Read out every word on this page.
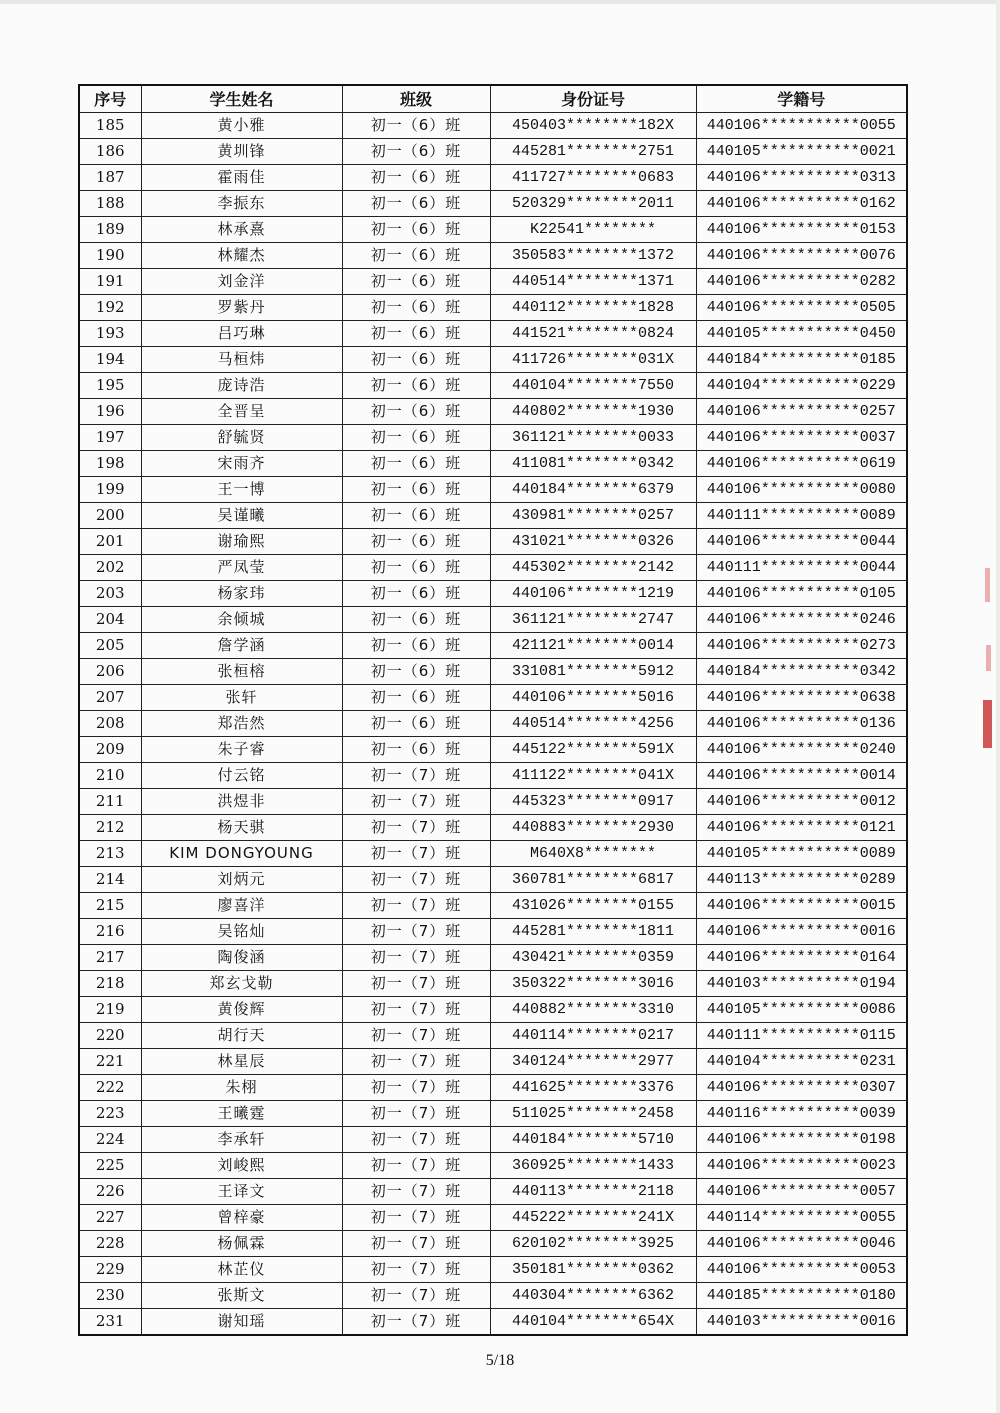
序号	学生姓名	班级	身份证号	学籍号
185	黄小雅	初一（6）班	450403********182X	440106***********0055
186	黄圳锋	初一（6）班	445281********2751	440105***********0021
187	霍雨佳	初一（6）班	411727********0683	440106***********0313
188	李振东	初一（6）班	520329********2011	440106***********0162
189	林承熹	初一（6）班	K22541********	440106***********0153
190	林耀杰	初一（6）班	350583********1372	440106***********0076
191	刘金洋	初一（6）班	440514********1371	440106***********0282
192	罗紫丹	初一（6）班	440112********1828	440106***********0505
193	吕巧琳	初一（6）班	441521********0824	440105***********0450
194	马桓炜	初一（6）班	411726********031X	440184***********0185
195	庞诗浩	初一（6）班	440104********7550	440104***********0229
196	全晋呈	初一（6）班	440802********1930	440106***********0257
197	舒毓贤	初一（6）班	361121********0033	440106***********0037
198	宋雨齐	初一（6）班	411081********0342	440106***********0619
199	王一博	初一（6）班	440184********6379	440106***********0080
200	吴谨曦	初一（6）班	430981********0257	440111***********0089
201	谢瑜熙	初一（6）班	431021********0326	440106***********0044
202	严凤莹	初一（6）班	445302********2142	440111***********0044
203	杨家玮	初一（6）班	440106********1219	440106***********0105
204	余倾城	初一（6）班	361121********2747	440106***********0246
205	詹学涵	初一（6）班	421121********0014	440106***********0273
206	张桓榕	初一（6）班	331081********5912	440184***********0342
207	张轩	初一（6）班	440106********5016	440106***********0638
208	郑浩然	初一（6）班	440514********4256	440106***********0136
209	朱子睿	初一（6）班	445122********591X	440106***********0240
210	付云铭	初一（7）班	411122********041X	440106***********0014
211	洪煜非	初一（7）班	445323********0917	440106***********0012
212	杨天骐	初一（7）班	440883********2930	440106***********0121
213	KIM DONGYOUNG	初一（7）班	M640X8********	440105***********0089
214	刘炳元	初一（7）班	360781********6817	440113***********0289
215	廖喜洋	初一（7）班	431026********0155	440106***********0015
216	吴铭灿	初一（7）班	445281********1811	440106***********0016
217	陶俊涵	初一（7）班	430421********0359	440106***********0164
218	郑玄戈勒	初一（7）班	350322********3016	440103***********0194
219	黄俊辉	初一（7）班	440882********3310	440105***********0086
220	胡行天	初一（7）班	440114********0217	440111***********0115
221	林星辰	初一（7）班	340124********2977	440104***********0231
222	朱栩	初一（7）班	441625********3376	440106***********0307
223	王曦霆	初一（7）班	511025********2458	440116***********0039
224	李承轩	初一（7）班	440184********5710	440106***********0198
225	刘峻熙	初一（7）班	360925********1433	440106***********0023
226	王译文	初一（7）班	440113********2118	440106***********0057
227	曾梓豪	初一（7）班	445222********241X	440114***********0055
228	杨佩霖	初一（7）班	620102********3925	440106***********0046
229	林芷仪	初一（7）班	350181********0362	440106***********0053
230	张斯文	初一（7）班	440304********6362	440185***********0180
231	谢知瑶	初一（7）班	440104********654X	440103***********0016
5/18
